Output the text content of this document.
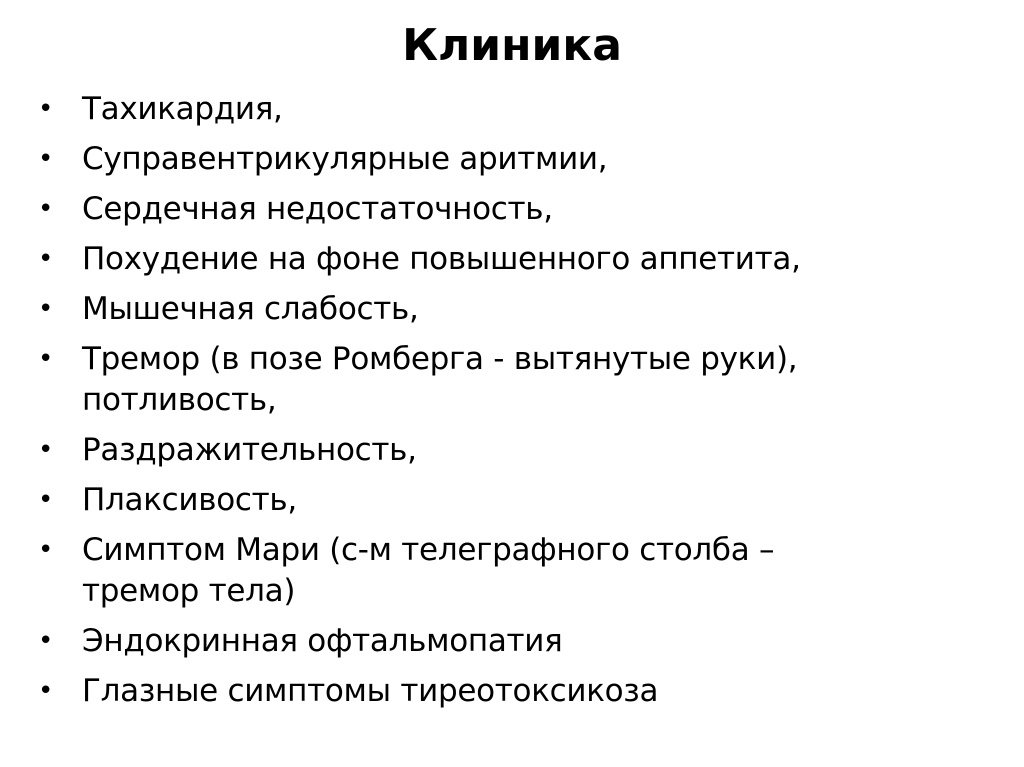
Клиника
• Тахикардия,
• Суправентрикулярные аритмии,
• Сердечная недостаточность,
• Похудение на фоне повышенного аппетита,
• Мышечная слабость,
• Тремор (в позе Ромберга - вытянутые руки),
потливость,
• Раздражительность,
• Плаксивость,
• Симптом Мари (с-м телеграфного столба –
тремор тела)
• Эндокринная офтальмопатия
• Глазные симптомы тиреотоксикоза
